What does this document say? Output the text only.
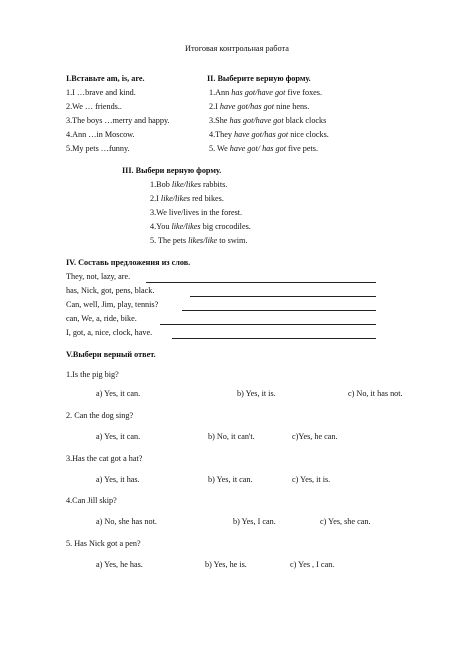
Итоговая контрольная работа
I.Вставьте am, is, are.
1.I …brave and kind.
2.We … friends..
3.The boys …merry and happy.
4.Ann …in Moscow.
5.My pets …funny.
II. Выберите верную форму.
1.Ann has got/have got five foxes.
2.I have got/has got nine hens.
3.She has got/have got black clocks
4.They have got/has got nice clocks.
5. We have got/ has got five pets.
III. Выбери верную форму.
1.Bob like/likes rabbits.
2.I like/likes red bikes.
3.We live/lives in the forest.
4.You like/likes big crocodiles.
5. The pets likes/like to swim.
IV. Составь предложения из слов.
They, not, lazy, are.
has, Nick, got, pens, black.
Can, well, Jim, play, tennis?
can, We, a, ride, bike.
I, got, a, nice, clock, have.
V.Выбери верный ответ.
1.Is the pig big?
a) Yes, it can.	b) Yes, it is.	c) No, it has not.
2. Can the dog sing?
a) Yes, it can.	b) No, it can't.	c)Yes, he can.
3.Has the cat got a hat?
a) Yes, it has.	b) Yes, it can.	c) Yes, it is.
4.Can Jill skip?
a) No, she has not.	b) Yes, I can.	c) Yes, she can.
5. Has Nick got a pen?
a) Yes, he has.	b) Yes, he is.	c) Yes , I can.
